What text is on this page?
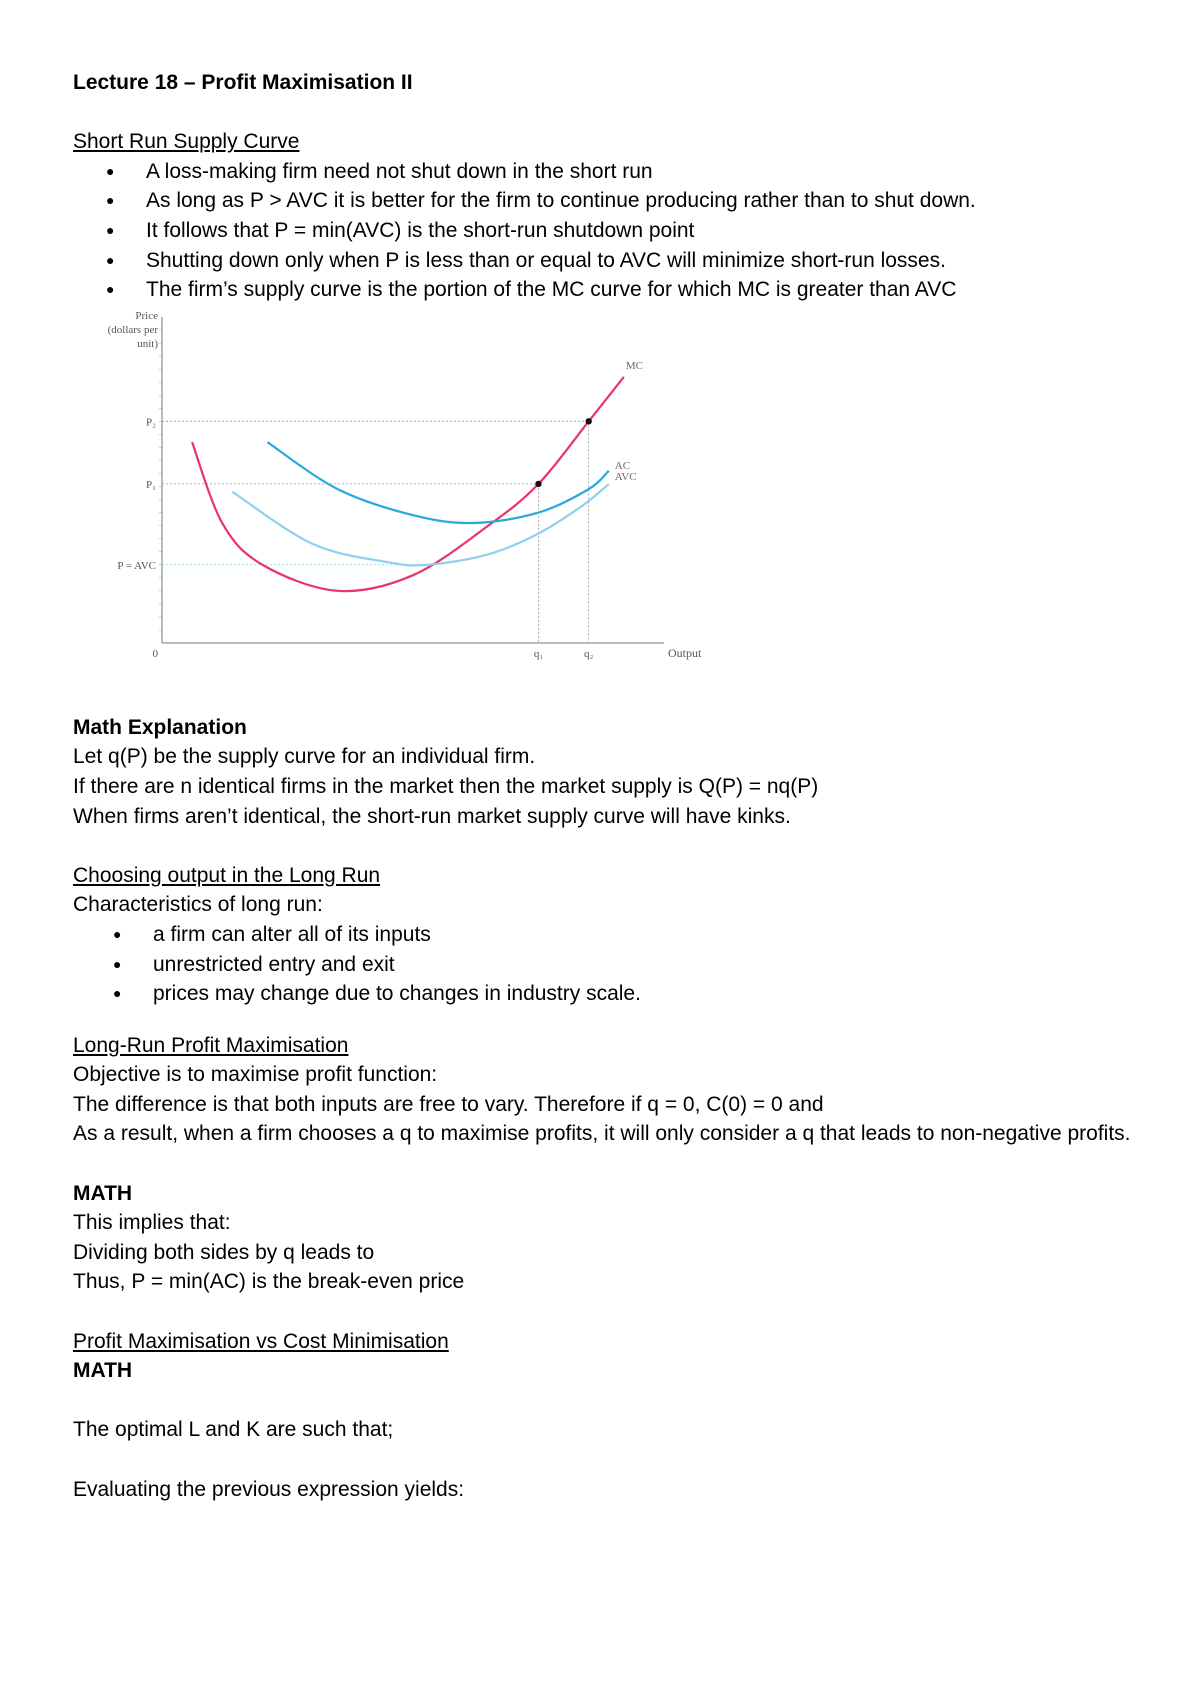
Lecture 18 – Profit Maximisation II
Short Run Supply Curve
● A loss-making firm need not shut down in the short run
● As long as P > AVC it is better for the firm to continue producing rather than to shut down.
● It follows that P = min(AVC) is the short-run shutdown point
● Shutting down only when P is less than or equal to AVC will minimize short-run losses.
● The firm’s supply curve is the portion of the MC curve for which MC is greater than AVC
Price
(dollars per
unit)
Output
0
P₂
P₁
P = AVC
q₁	q₂
MC
AC
AVC
Math Explanation
Let q(P) be the supply curve for an individual firm.
If there are n identical firms in the market then the market supply is Q(P) = nq(P)
When firms aren’t identical, the short-run market supply curve will have kinks.
Choosing output in the Long Run
Characteristics of long run:
● a firm can alter all of its inputs
● unrestricted entry and exit
● prices may change due to changes in industry scale.
Long-Run Profit Maximisation
Objective is to maximise profit function:
The difference is that both inputs are free to vary. Therefore if q = 0, C(0) = 0 and
As a result, when a firm chooses a q to maximise profits, it will only consider a q that leads to non-negative profits.
MATH
This implies that:
Dividing both sides by q leads to
Thus, P = min(AC) is the break-even price
Profit Maximisation vs Cost Minimisation
MATH
The optimal L and K are such that;
Evaluating the previous expression yields:
